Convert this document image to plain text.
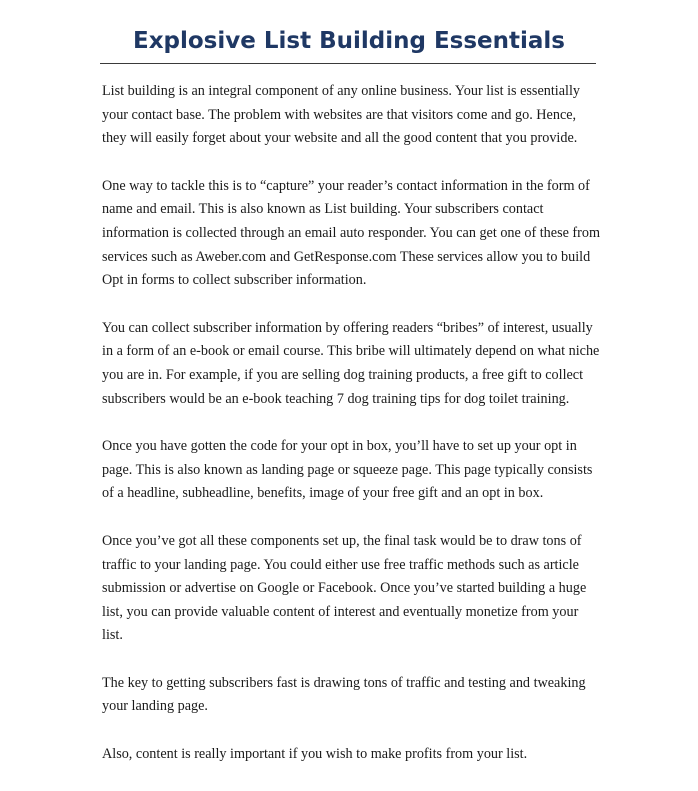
Explosive List Building Essentials

List building is an integral component of any online business. Your list is essentially your contact base. The problem with websites are that visitors come and go. Hence, they will easily forget about your website and all the good content that you provide.

One way to tackle this is to “capture” your reader’s contact information in the form of name and email. This is also known as List building. Your subscribers contact information is collected through an email auto responder. You can get one of these from services such as Aweber.com and GetResponse.com These services allow you to build Opt in forms to collect subscriber information.

You can collect subscriber information by offering readers “bribes” of interest, usually in a form of an e-book or email course. This bribe will ultimately depend on what niche you are in. For example, if you are selling dog training products, a free gift to collect subscribers would be an e-book teaching 7 dog training tips for dog toilet training.

Once you have gotten the code for your opt in box, you’ll have to set up your opt in page. This is also known as landing page or squeeze page. This page typically consists of a headline, subheadline, benefits, image of your free gift and an opt in box.

Once you’ve got all these components set up, the final task would be to draw tons of traffic to your landing page. You could either use free traffic methods such as article submission or advertise on Google or Facebook. Once you’ve started building a huge list, you can provide valuable content of interest and eventually monetize from your list.

The key to getting subscribers fast is drawing tons of traffic and testing and tweaking your landing page.

Also, content is really important if you wish to make profits from your list.
